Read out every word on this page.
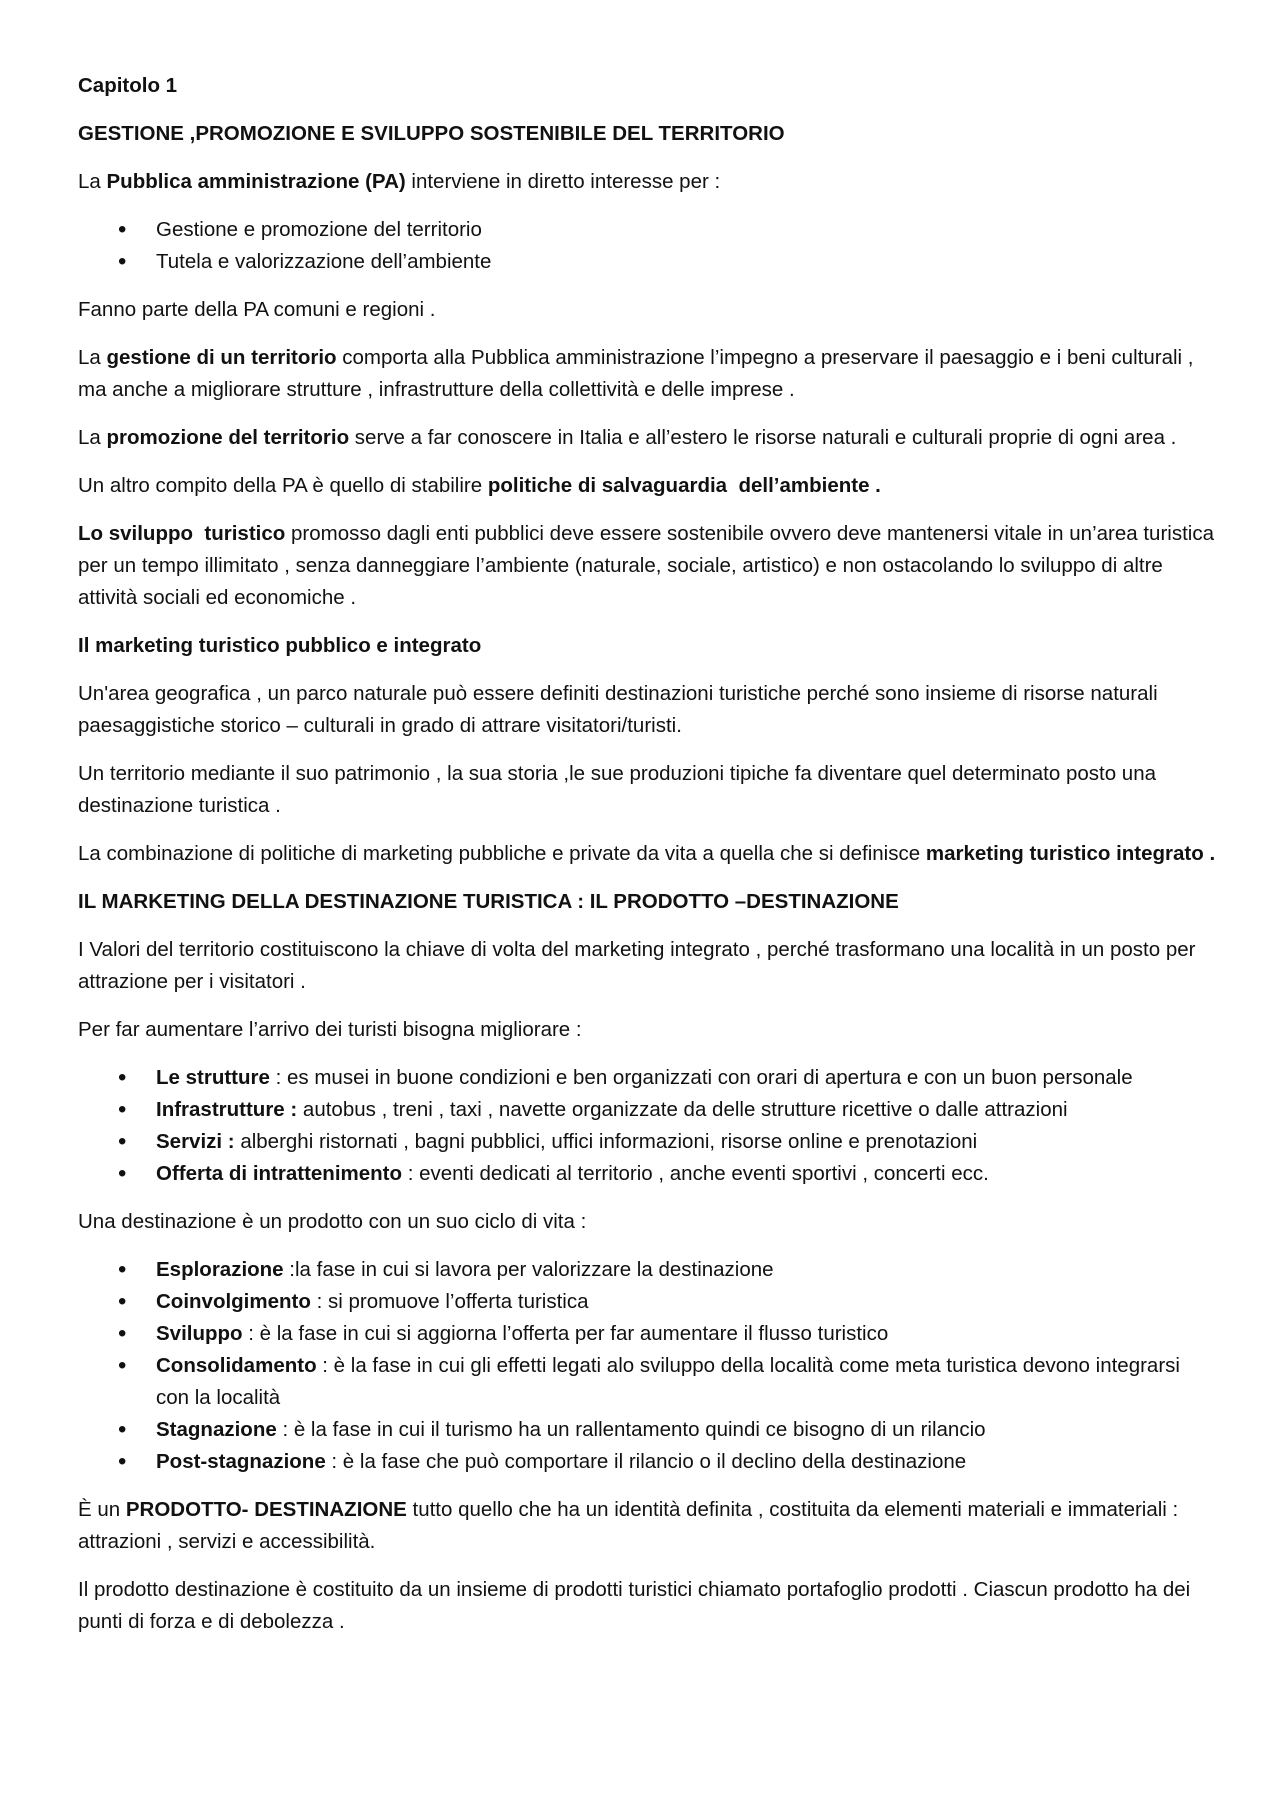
Capitolo 1

GESTIONE ,PROMOZIONE E SVILUPPO SOSTENIBILE DEL TERRITORIO

La Pubblica amministrazione (PA) interviene in diretto interesse per :

• Gestione e promozione del territorio
• Tutela e valorizzazione dell’ambiente

Fanno parte della PA comuni e regioni .

La gestione di un territorio comporta alla Pubblica amministrazione l’impegno a preservare il paesaggio e i beni culturali , ma anche a migliorare strutture , infrastrutture della collettività e delle imprese .

La promozione del territorio serve a far conoscere in Italia e all’estero le risorse naturali e culturali proprie di ogni area .

Un altro compito della PA è quello di stabilire politiche di salvaguardia  dell’ambiente .

Lo sviluppo  turistico promosso dagli enti pubblici deve essere sostenibile ovvero deve mantenersi vitale in un’area turistica per un tempo illimitato , senza danneggiare l’ambiente (naturale, sociale, artistico) e non ostacolando lo sviluppo di altre attività sociali ed economiche .

Il marketing turistico pubblico e integrato

Un'area geografica , un parco naturale può essere definiti destinazioni turistiche perché sono insieme di risorse naturali paesaggistiche storico – culturali in grado di attrare visitatori/turisti.

Un territorio mediante il suo patrimonio , la sua storia ,le sue produzioni tipiche fa diventare quel determinato posto una destinazione turistica .

La combinazione di politiche di marketing pubbliche e private da vita a quella che si definisce marketing turistico integrato .

IL MARKETING DELLA DESTINAZIONE TURISTICA : IL PRODOTTO –DESTINAZIONE

I Valori del territorio costituiscono la chiave di volta del marketing integrato , perché trasformano una località in un posto per attrazione per i visitatori .

Per far aumentare l’arrivo dei turisti bisogna migliorare :

• Le strutture : es musei in buone condizioni e ben organizzati con orari di apertura e con un buon personale
• Infrastrutture : autobus , treni , taxi , navette organizzate da delle strutture ricettive o dalle attrazioni
• Servizi : alberghi ristornati , bagni pubblici, uffici informazioni, risorse online e prenotazioni
• Offerta di intrattenimento : eventi dedicati al territorio , anche eventi sportivi , concerti ecc.

Una destinazione è un prodotto con un suo ciclo di vita :

• Esplorazione :la fase in cui si lavora per valorizzare la destinazione
• Coinvolgimento : si promuove l’offerta turistica
• Sviluppo : è la fase in cui si aggiorna l’offerta per far aumentare il flusso turistico
• Consolidamento : è la fase in cui gli effetti legati alo sviluppo della località come meta turistica devono integrarsi con la località
• Stagnazione : è la fase in cui il turismo ha un rallentamento quindi ce bisogno di un rilancio
• Post-stagnazione : è la fase che può comportare il rilancio o il declino della destinazione

È un PRODOTTO- DESTINAZIONE tutto quello che ha un identità definita , costituita da elementi materiali e immateriali : attrazioni , servizi e accessibilità.

Il prodotto destinazione è costituito da un insieme di prodotti turistici chiamato portafoglio prodotti . Ciascun prodotto ha dei punti di forza e di debolezza .
